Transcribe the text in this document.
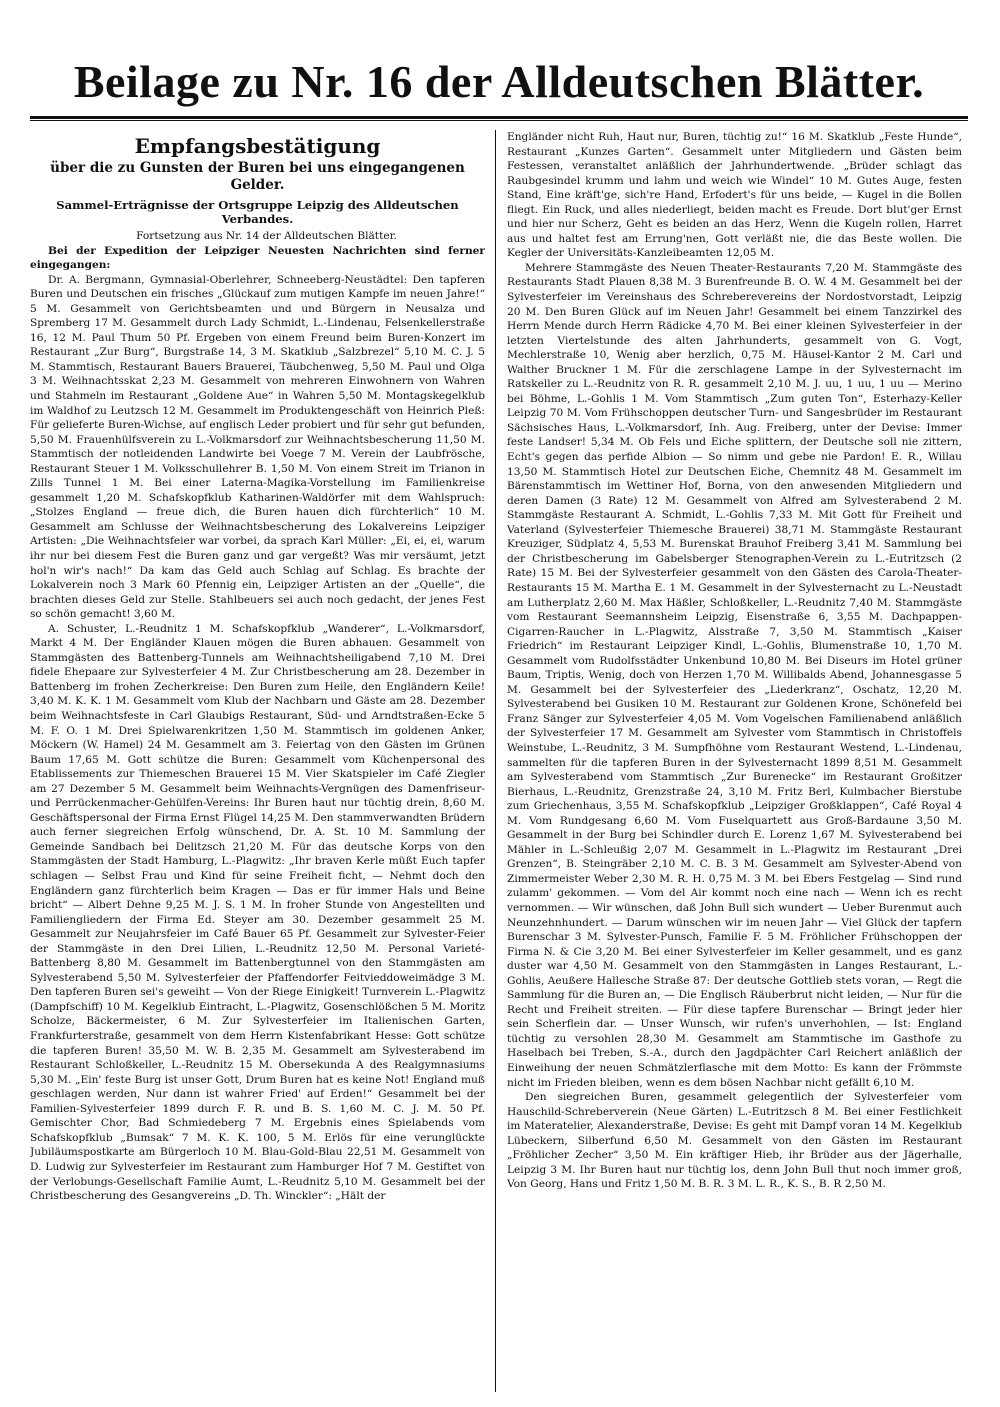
Beilage zu Nr. 16 der Alldeutschen Blätter.
Empfangsbestätigung
über die zu Gunsten der Buren bei uns eingegangenen Gelder.
Sammel-Erträgnisse der Ortsgruppe Leipzig des Alldeutschen Verbandes.

Fortsetzung aus Nr. 14 der Alldeutschen Blätter.

Bei der Expedition der Leipziger Neuesten Nachrichten sind ferner eingegangen:

Dr. A. Bergmann, Gymnasial-Oberlehrer, Schneeberg-Neustädtel: Den tapferen Buren und Deutschen ein frisches „Glückauf zum mutigen Kampfe im neuen Jahre!“ 5 M. Gesammelt von Gerichtsbeamten und und Bürgern in Neusalza und Spremberg 17 M. Gesammelt durch Lady Schmidt, L.-Lindenau, Felsenkellerstraße 16, 12 M. Paul Thum 50 Pf. Ergeben von einem Freund beim Buren-Konzert im Restaurant „Zur Burg“, Burgstraße 14, 3 M. Skatklub „Salzbrezel“ 5,10 M. C. J. 5 M. Stammtisch, Restaurant Bauers Brauerei, Täubchenweg, 5,50 M. Paul und Olga 3 M. Weihnachtsskat 2,23 M. Gesammelt von mehreren Einwohnern von Wahren und Stahmeln im Restaurant „Goldene Aue“ in Wahren 5,50 M. Montagskegelklub im Waldhof zu Leutzsch 12 M. Gesammelt im Produktengeschäft von Heinrich Pleß: Für gelieferte Buren-Wichse, auf englisch Leder probiert und für sehr gut befunden, 5,50 M. Frauenhülfsverein zu L.-Volkmarsdorf zur Weihnachtsbescherung 11,50 M. Stammtisch der notleidenden Landwirte bei Voege 7 M. Verein der Laubfrösche, Restaurant Steuer 1 M. Volksschullehrer B. 1,50 M. Von einem Streit im Trianon in Zills Tunnel 1 M. Bei einer Laterna-Magika-Vorstellung im Familienkreise gesammelt 1,20 M. Schafskopfklub Katharinen-Waldörfer mit dem Wahlspruch: „Stolzes England — freue dich, die Buren hauen dich fürchterlich“ 10 M. Gesammelt am Schlusse der Weihnachtsbescherung des Lokalvereins Leipziger Artisten: „Die Weihnachtsfeier war vorbei, da sprach Karl Müller: „Ei, ei, ei, warum ihr nur bei diesem Fest die Buren ganz und gar vergeßt? Was mir versäumt, jetzt hol'n wir's nach!“ Da kam das Geld auch Schlag auf Schlag. Es brachte der Lokalverein noch 3 Mark 60 Pfennig ein, Leipziger Artisten an der „Quelle“, die brachten dieses Geld zur Stelle. Stahlbeuers sei auch noch gedacht, der jenes Fest so schön gemacht! 3,60 M.

A. Schuster, L.-Reudnitz 1 M. Schafskopfklub „Wanderer“, L.-Volkmarsdorf, Markt 4 M. Der Engländer Klauen mögen die Buren abhauen. Gesammelt von Stammgästen des Battenberg-Tunnels am Weihnachtsheiligabend 7,10 M. Drei fidele Ehepaare zur Sylvesterfeier 4 M. Zur Christbescherung am 28. Dezember in Battenberg im frohen Zecherkreise: Den Buren zum Heile, den Engländern Keile! 3,40 M. K. K. 1 M. Gesammelt vom Klub der Nachbarn und Gäste am 28. Dezember beim Weihnachtsfeste in Carl Glaubigs Restaurant, Süd- und Arndtstraßen-Ecke 5 M. F. O. 1 M. Drei Spielwarenkritzen 1,50 M. Stammtisch im goldenen Anker, Möckern (W. Hamel) 24 M. Gesammelt am 3. Feiertag von den Gästen im Grünen Baum 17,65 M. Gott schütze die Buren: Gesammelt vom Küchenpersonal des Etablissements zur Thiemeschen Brauerei 15 M. Vier Skatspieler im Café Ziegler am 27 Dezember 5 M. Gesammelt beim Weihnachts-Vergnügen des Damenfriseur- und Perrückenmacher-Gehülfen-Vereins: Ihr Buren haut nur tüchtig drein, 8,60 M. Geschäftspersonal der Firma Ernst Flügel 14,25 M. Den stammverwandten Brüdern auch ferner siegreichen Erfolg wünschend, Dr. A. St. 10 M. Sammlung der Gemeinde Sandbach bei Delitzsch 21,20 M. Für das deutsche Korps von den Stammgästen der Stadt Hamburg, L.-Plagwitz: „Ihr braven Kerle müßt Euch tapfer schlagen — Selbst Frau und Kind für seine Freiheit ficht, — Nehmt doch den Engländern ganz fürchterlich beim Kragen — Das er für immer Hals und Beine bricht“ — Albert Dehne 9,25 M. J. S. 1 M. In froher Stunde von Angestellten und Familiengliedern der Firma Ed. Steyer am 30. Dezember gesammelt 25 M. Gesammelt zur Neujahrsfeier im Café Bauer 65 Pf. Gesammelt zur Sylvester-Feier der Stammgäste in den Drei Lilien, L.-Reudnitz 12,50 M. Personal Varieté-Battenberg 8,80 M. Gesammelt im Battenbergtunnel von den Stammgästen am Sylvesterabend 5,50 M. Sylvesterfeier der Pfaffendorfer Feitvieddoweimädge 3 M. Den tapferen Buren sei's geweiht — Von der Riege Einigkeit! Turnverein L.-Plagwitz (Dampfschiff) 10 M. Kegelklub Eintracht, L.-Plagwitz, Gosenschlößchen 5 M. Moritz Scholze, Bäckermeister, 6 M. Zur Sylvesterfeier im Italienischen Garten, Frankfurterstraße, gesammelt von dem Herrn Kistenfabrikant Hesse: Gott schütze die tapferen Buren! 35,50 M. W. B. 2,35 M. Gesammelt am Sylvesterabend im Restaurant Schloßkeller, L.-Reudnitz 15 M. Obersekunda A des Realgymnasiums 5,30 M. „Ein' feste Burg ist unser Gott, Drum Buren hat es keine Not! England muß geschlagen werden, Nur dann ist wahrer Fried' auf Erden!“ Gesammelt bei der Familien-Sylvesterfeier 1899 durch F. R. und B. S. 1,60 M. C. J. M. 50 Pf. Gemischter Chor, Bad Schmiedeberg 7 M. Ergebnis eines Spielabends vom Schafskopfklub „Bumsak“ 7 M. K. K. 100, 5 M. Erlös für eine verunglückte Jubiläumspostkarte am Bürgerloch 10 M. Blau-Gold-Blau 22,51 M. Gesammelt von D. Ludwig zur Sylvesterfeier im Restaurant zum Hamburger Hof 7 M. Gestiftet von der Verlobungs-Gesellschaft Familie Aumt, L.-Reudnitz 5,10 M. Gesammelt bei der Christbescherung des Gesangvereins „D. Th. Winckler“: „Hält der

Engländer nicht Ruh, Haut nur, Buren, tüchtig zu!“ 16 M. Skatklub „Feste Hunde“, Restaurant „Kunzes Garten“. Gesammelt unter Mitgliedern und Gästen beim Festessen, veranstaltet anläßlich der Jahrhundertwende. „Brüder schlagt das Raubgesindel krumm und lahm und weich wie Windel“ 10 M. Gutes Auge, festen Stand, Eine kräft'ge, sich're Hand, Erfodert's für uns beide, — Kugel in die Bollen fliegt. Ein Ruck, und alles niederliegt, beiden macht es Freude. Dort blut'ger Ernst und hier nur Scherz, Geht es beiden an das Herz, Wenn die Kugeln rollen, Harret aus und haltet fest am Errung'nen, Gott verläßt nie, die das Beste wollen. Die Kegler der Universitäts-Kanzleibeamten 12,05 M.

Mehrere Stammgäste des Neuen Theater-Restaurants 7,20 M. Stammgäste des Restaurants Stadt Plauen 8,38 M. 3 Burenfreunde B. O. W. 4 M. Gesammelt bei der Sylvesterfeier im Vereinshaus des Schreberevereins der Nordostvorstadt, Leipzig 20 M. Den Buren Glück auf im Neuen Jahr! Gesammelt bei einem Tanzzirkel des Herrn Mende durch Herrn Rädicke 4,70 M. Bei einer kleinen Sylvesterfeier in der letzten Viertelstunde des alten Jahrhunderts, gesammelt von G. Vogt, Mechlerstraße 10, Wenig aber herzlich, 0,75 M. Häusel-Kantor 2 M. Carl und Walther Bruckner 1 M. Für die zerschlagene Lampe in der Sylvesternacht im Ratskeller zu L.-Reudnitz von R. R. gesammelt 2,10 M. J. uu, 1 uu, 1 uu — Merino bei Böhme, L.-Gohlis 1 M. Vom Stammtisch „Zum guten Ton“, Esterhazy-Keller Leipzig 70 M. Vom Frühschoppen deutscher Turn- und Sangesbrüder im Restaurant Sächsisches Haus, L.-Volkmarsdorf, Inh. Aug. Freiberg, unter der Devise: Immer feste Landser! 5,34 M. Ob Fels und Eiche splittern, der Deutsche soll nie zittern, Echt's gegen das perfide Albion — So nimm und gebe nie Pardon! E. R., Willau 13,50 M. Stammtisch Hotel zur Deutschen Eiche, Chemnitz 48 M. Gesammelt im Bärenstammtisch im Wettiner Hof, Borna, von den anwesenden Mitgliedern und deren Damen (3 Rate) 12 M. Gesammelt von Alfred am Sylvesterabend 2 M. Stammgäste Restaurant A. Schmidt, L.-Gohlis 7,33 M. Mit Gott für Freiheit und Vaterland (Sylvesterfeier Thiemesche Brauerei) 38,71 M. Stammgäste Restaurant Kreuziger, Südplatz 4, 5,53 M. Burenskat Brauhof Freiberg 3,41 M. Sammlung bei der Christbescherung im Gabelsberger Stenographen-Verein zu L.-Eutritzsch (2 Rate) 15 M. Bei der Sylvesterfeier gesammelt von den Gästen des Carola-Theater-Restaurants 15 M. Martha E. 1 M. Gesammelt in der Sylvesternacht zu L.-Neustadt am Lutherplatz 2,60 M. Max Häßler, Schloßkeller, L.-Reudnitz 7,40 M. Stammgäste vom Restaurant Seemannsheim Leipzig, Eisenstraße 6, 3,55 M. Dachpappen-Cigarren-Raucher in L.-Plagwitz, Alsstraße 7, 3,50 M. Stammtisch „Kaiser Friedrich“ im Restaurant Leipziger Kindl, L.-Gohlis, Blumenstraße 10, 1,70 M. Gesammelt vom Rudolfsstädter Unkenbund 10,80 M. Bei Diseurs im Hotel grüner Baum, Triptis, Wenig, doch von Herzen 1,70 M. Willibalds Abend, Johannesgasse 5 M. Gesammelt bei der Sylvesterfeier des „Liederkranz“, Oschatz, 12,20 M. Sylvesterabend bei Gusiken 10 M. Restaurant zur Goldenen Krone, Schönefeld bei Franz Sänger zur Sylvesterfeier 4,05 M. Vom Vogelschen Familienabend anläßlich der Sylvesterfeier 17 M. Gesammelt am Sylvester vom Stammtisch in Christoffels Weinstube, L.-Reudnitz, 3 M. Sumpfhöhne vom Restaurant Westend, L.-Lindenau, sammelten für die tapferen Buren in der Sylvesternacht 1899 8,51 M. Gesammelt am Sylvesterabend vom Stammtisch „Zur Burenecke“ im Restaurant Großitzer Bierhaus, L.-Reudnitz, Grenzstraße 24, 3,10 M. Fritz Berl, Kulmbacher Bierstube zum Griechenhaus, 3,55 M. Schafskopfklub „Leipziger Großklappen“, Café Royal 4 M. Vom Rundgesang 6,60 M. Vom Fuselquartett aus Groß-Bardaune 3,50 M. Gesammelt in der Burg bei Schindler durch E. Lorenz 1,67 M. Sylvesterabend bei Mähler in L.-Schleußig 2,07 M. Gesammelt in L.-Plagwitz im Restaurant „Drei Grenzen“, B. Steingräber 2,10 M. C. B. 3 M. Gesammelt am Sylvester-Abend von Zimmermeister Weber 2,30 M. R. H. 0,75 M. 3 M. bei Ebers Festgelag — Sind rund zulamm' gekommen. — Vom del Air kommt noch eine nach — Wenn ich es recht vernommen. — Wir wünschen, daß John Bull sich wundert — Ueber Burenmut auch Neunzehnhundert. — Darum wünschen wir im neuen Jahr — Viel Glück der tapfern Burenschar 3 M. Sylvester-Punsch, Familie F. 5 M. Fröhlicher Frühschoppen der Firma N. & Cie 3,20 M. Bei einer Sylvesterfeier im Keller gesammelt, und es ganz duster war 4,50 M. Gesammelt von den Stammgästen in Langes Restaurant, L.-Gohlis, Aeußere Hallesche Straße 87: Der deutsche Gottlieb stets voran, — Regt die Sammlung für die Buren an, — Die Englisch Räuberbrut nicht leiden, — Nur für die Recht und Freiheit streiten. — Für diese tapfere Burenschar — Bringt jeder hier sein Scherflein dar. — Unser Wunsch, wir rufen's unverhohlen, — Ist: England tüchtig zu versohlen 28,30 M. Gesammelt am Stammtische im Gasthofe zu Haselbach bei Treben, S.-A., durch den Jagdpächter Carl Reichert anläßlich der Einweihung der neuen Schmätzlerflasche mit dem Motto: Es kann der Frömmste nicht im Frieden bleiben, wenn es dem bösen Nachbar nicht gefällt 6,10 M.

Den siegreichen Buren, gesammelt gelegentlich der Sylvesterfeier vom Hauschild-Schreberverein (Neue Gärten) L.-Eutritzsch 8 M. Bei einer Festlichkeit im Materatelier, Alexanderstraße, Devise: Es geht mit Dampf voran 14 M. Kegelklub Lübeckern, Silberfund 6,50 M. Gesammelt von den Gästen im Restaurant „Fröhlicher Zecher“ 3,50 M. Ein kräftiger Hieb, ihr Brüder aus der Jägerhalle, Leipzig 3 M. Ihr Buren haut nur tüchtig los, denn John Bull thut noch immer groß, Von Georg, Hans und Fritz 1,50 M. B. R. 3 M. L. R., K. S., B. R 2,50 M.
